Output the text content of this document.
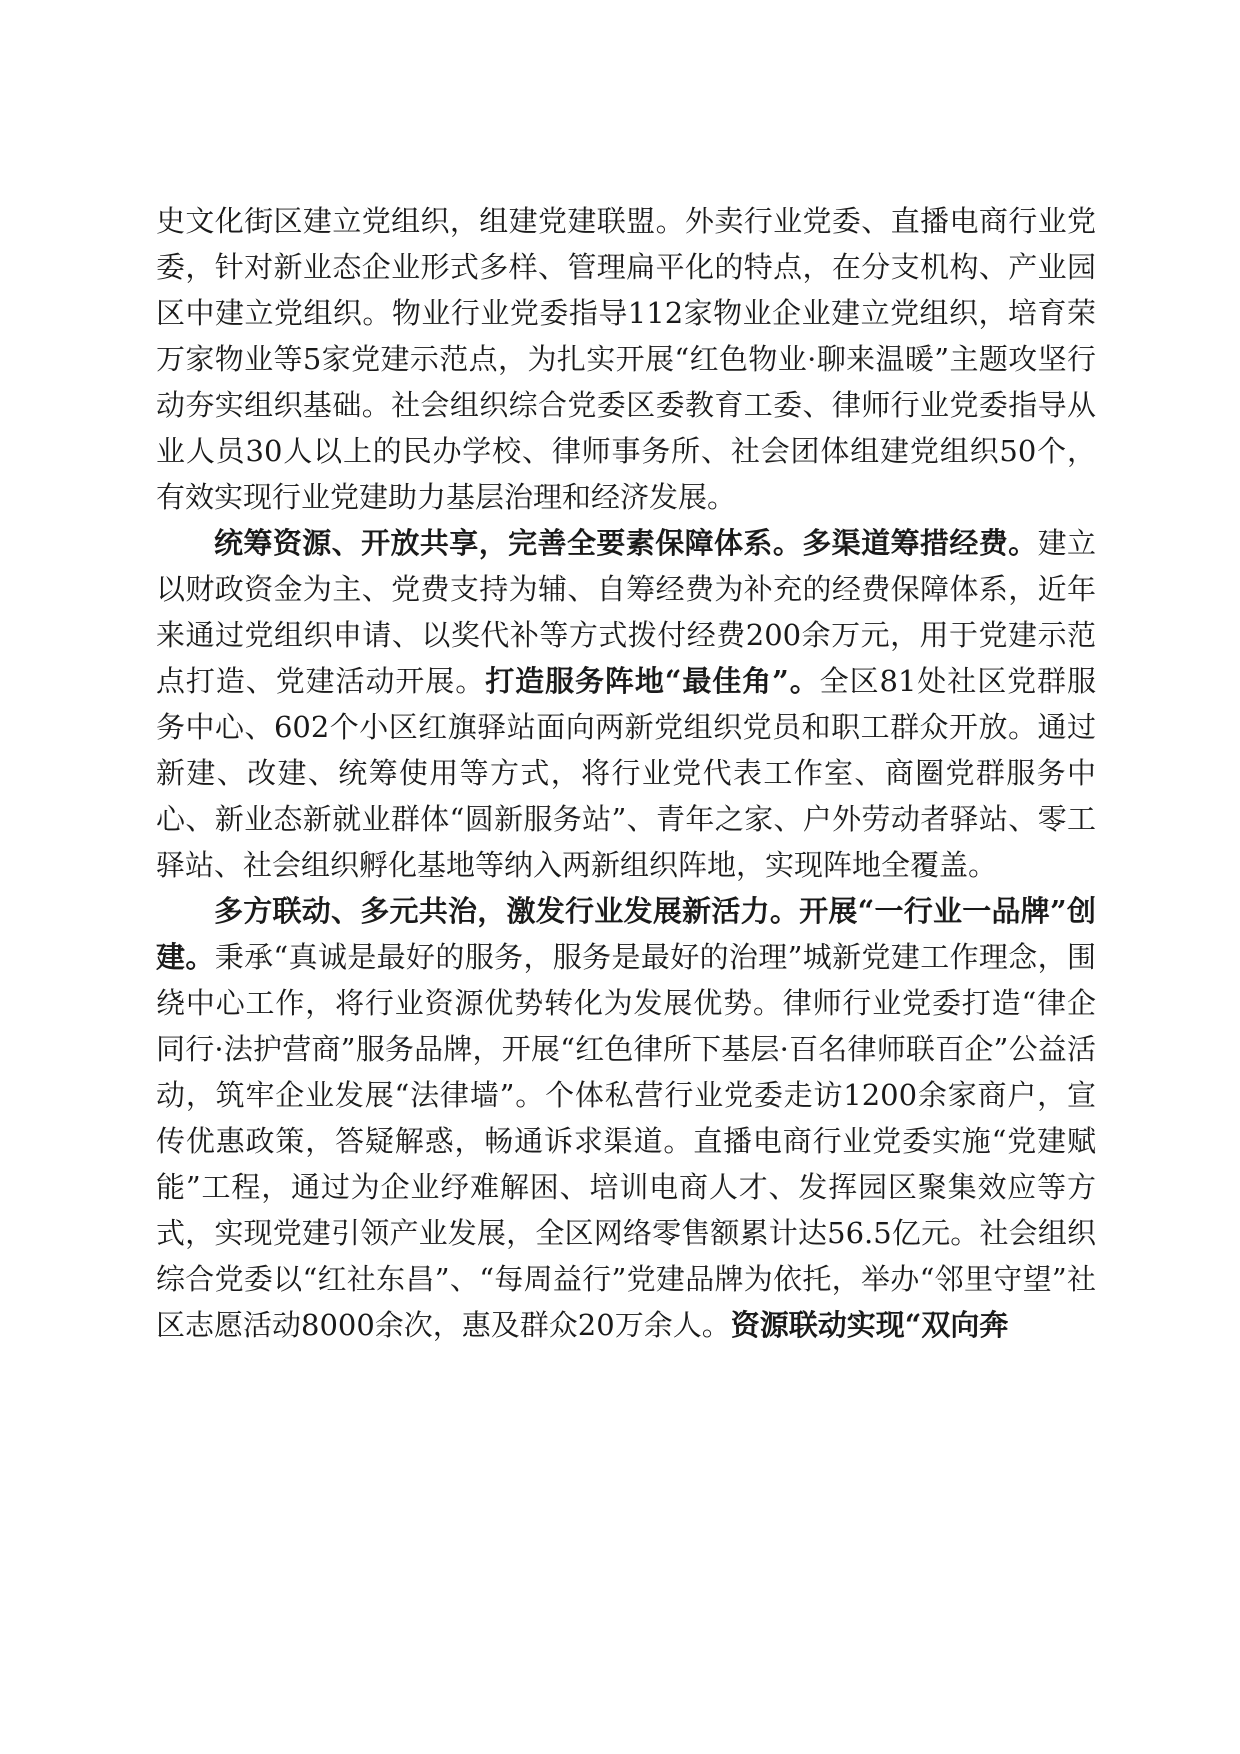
史文化街区建立党组织，组建党建联盟。外卖行业党委、直播电商行业党委，针对新业态企业形式多样、管理扁平化的特点，在分支机构、产业园区中建立党组织。物业行业党委指导112家物业企业建立党组织，培育荣万家物业等5家党建示范点，为扎实开展“红色物业·聊来温暖”主题攻坚行动夯实组织基础。社会组织综合党委区委教育工委、律师行业党委指导从业人员30人以上的民办学校、律师事务所、社会团体组建党组织50个，有效实现行业党建助力基层治理和经济发展。

统筹资源、开放共享，完善全要素保障体系。多渠道筹措经费。建立以财政资金为主、党费支持为辅、自筹经费为补充的经费保障体系，近年来通过党组织申请、以奖代补等方式拨付经费200余万元，用于党建示范点打造、党建活动开展。打造服务阵地“最佳角”。全区81处社区党群服务中心、602个小区红旗驿站面向两新党组织党员和职工群众开放。通过新建、改建、统筹使用等方式，将行业党代表工作室、商圈党群服务中心、新业态新就业群体“圆新服务站”、青年之家、户外劳动者驿站、零工驿站、社会组织孵化基地等纳入两新组织阵地，实现阵地全覆盖。

多方联动、多元共治，激发行业发展新活力。开展“一行业一品牌”创建。秉承“真诚是最好的服务，服务是最好的治理”城新党建工作理念，围绕中心工作，将行业资源优势转化为发展优势。律师行业党委打造“律企同行·法护营商”服务品牌，开展“红色律所下基层·百名律师联百企”公益活动，筑牢企业发展“法律墙”。个体私营行业党委走访1200余家商户，宣传优惠政策，答疑解惑，畅通诉求渠道。直播电商行业党委实施“党建赋能”工程，通过为企业纾难解困、培训电商人才、发挥园区聚集效应等方式，实现党建引领产业发展，全区网络零售额累计达56.5亿元。社会组织综合党委以“红社东昌”、“每周益行”党建品牌为依托，举办“邻里守望”社区志愿活动8000余次，惠及群众20万余人。资源联动实现“双向奔
